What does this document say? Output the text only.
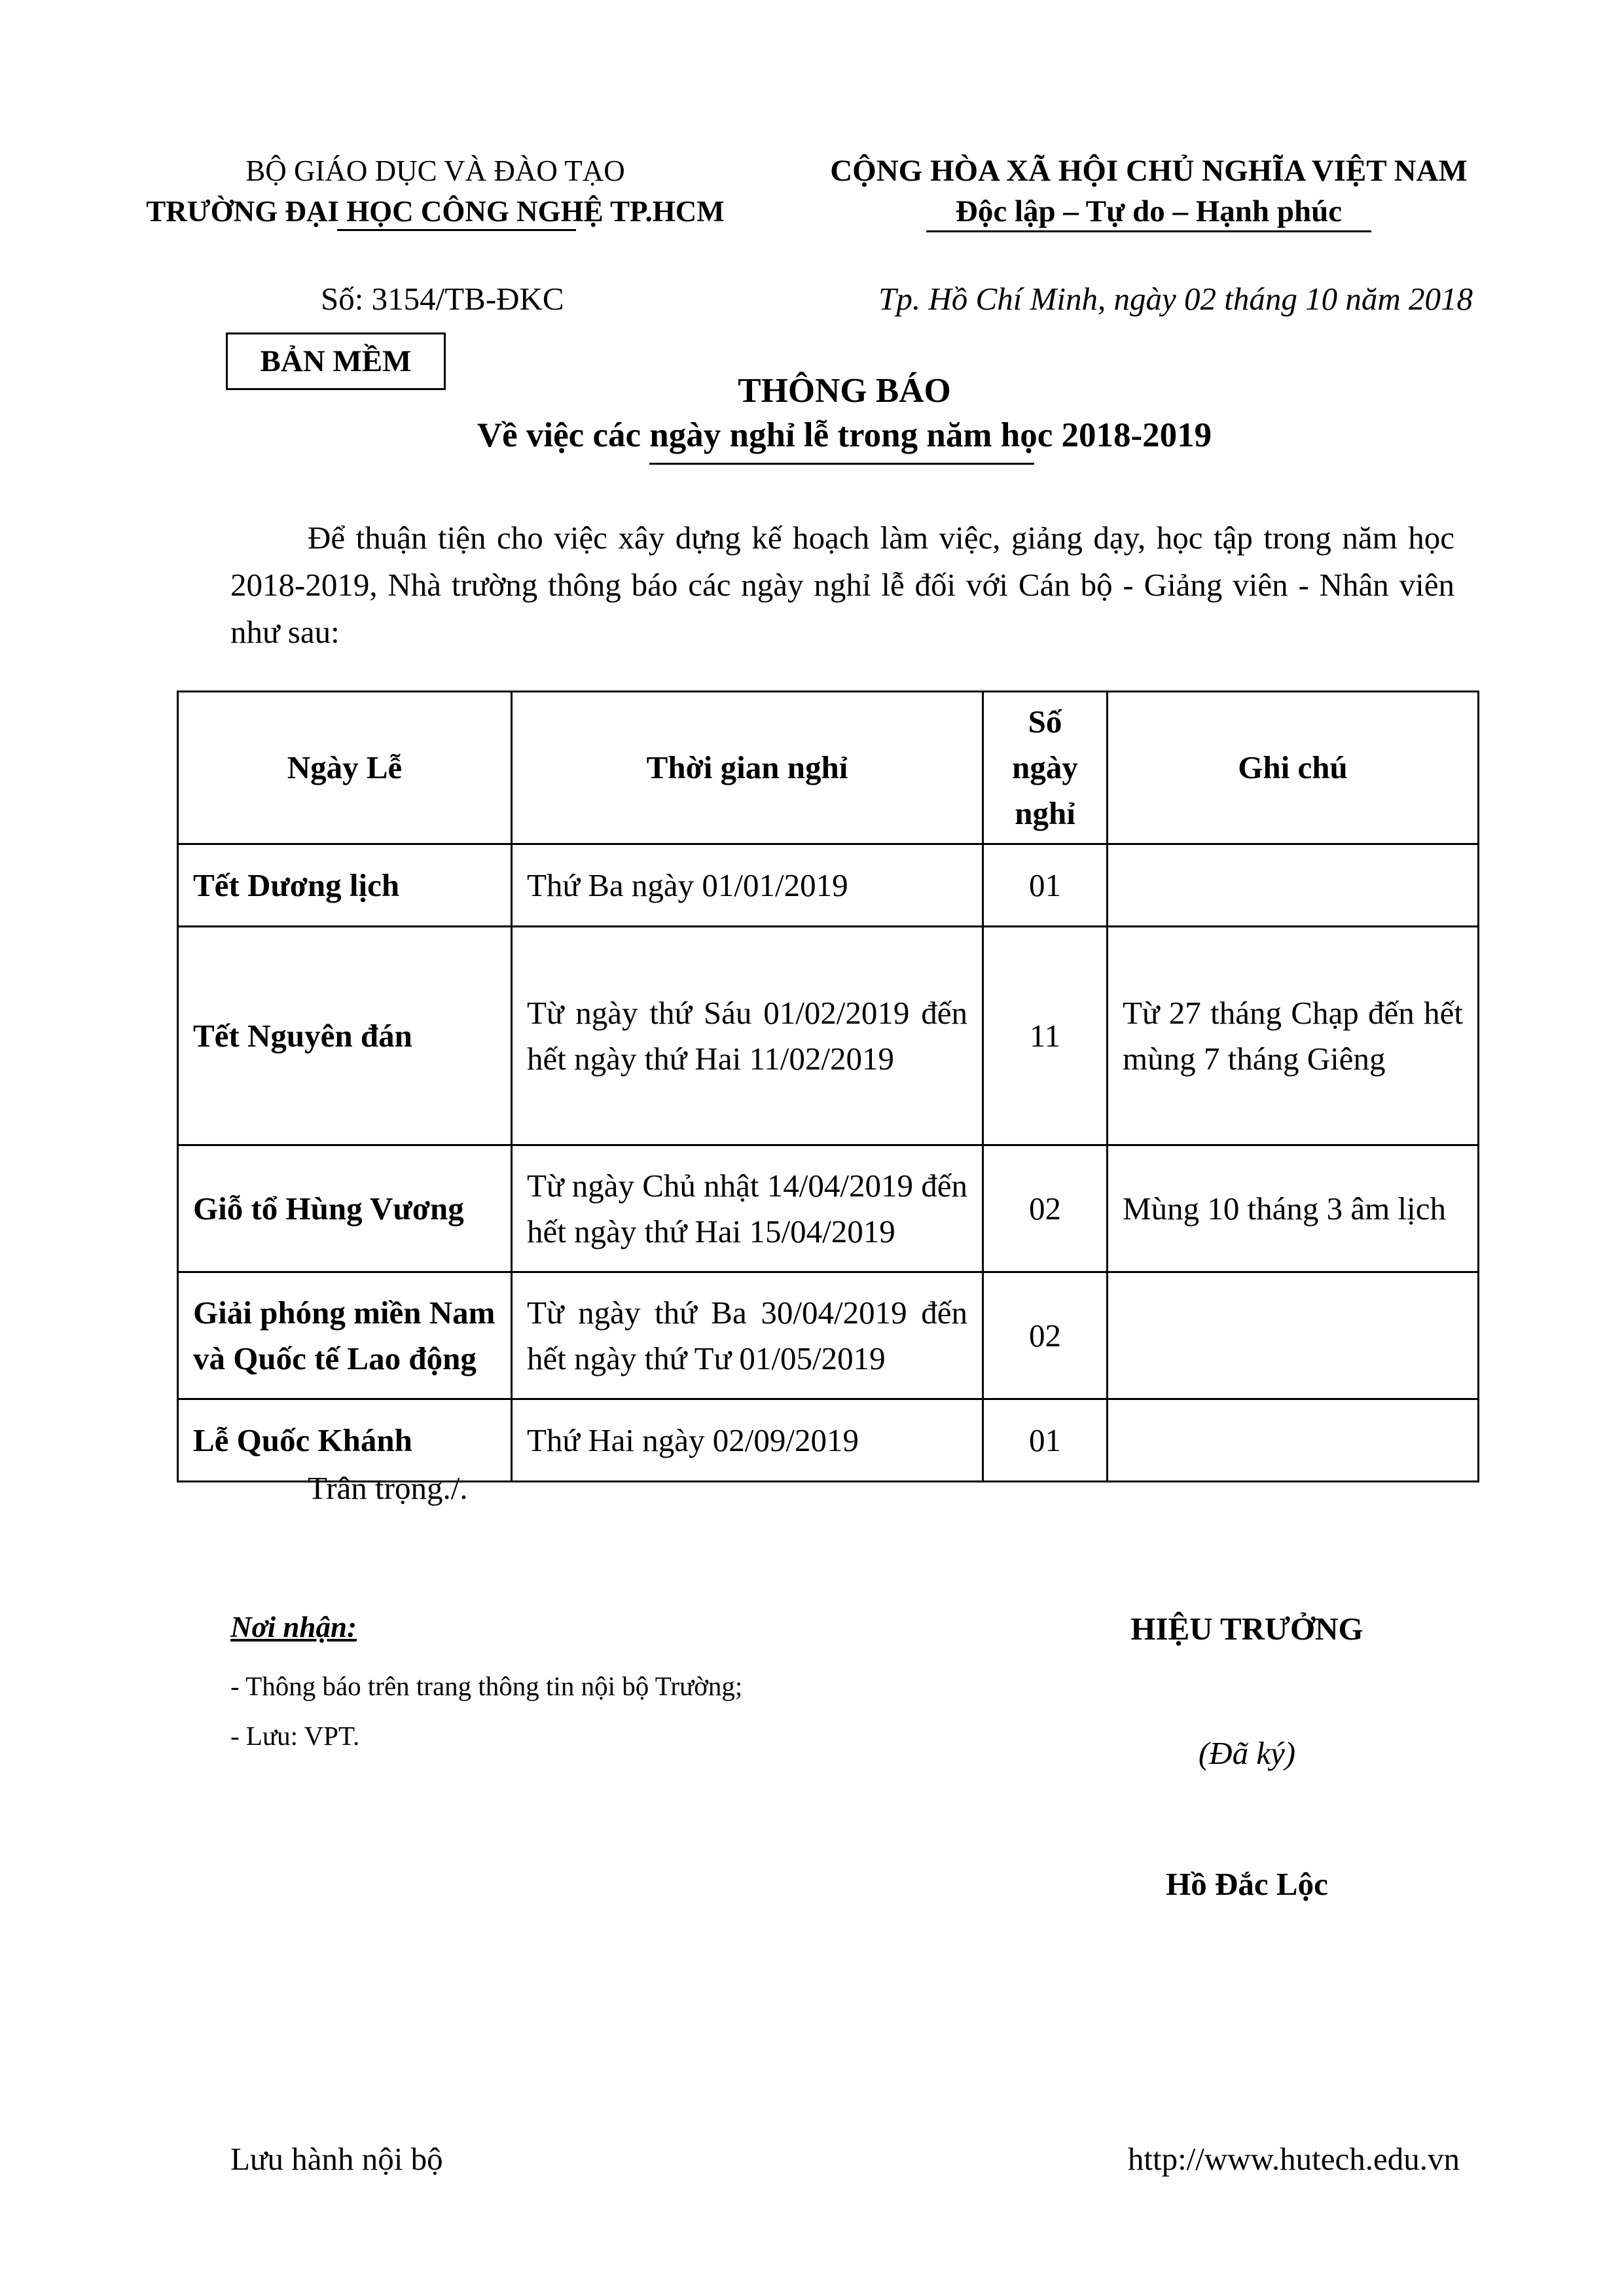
BỘ GIÁO DỤC VÀ ĐÀO TẠO
TRƯỜNG ĐẠI HỌC CÔNG NGHỆ TP.HCM
CỘNG HÒA XÃ HỘI CHỦ NGHĨA VIỆT NAM
Độc lập – Tự do – Hạnh phúc
Số: 3154/TB-ĐKC	Tp. Hồ Chí Minh, ngày 02 tháng 10 năm 2018
BẢN MỀM
THÔNG BÁO
Về việc các ngày nghỉ lễ trong năm học 2018-2019
Để thuận tiện cho việc xây dựng kế hoạch làm việc, giảng dạy, học tập trong năm học 2018-2019, Nhà trường thông báo các ngày nghỉ lễ đối với Cán bộ - Giảng viên - Nhân viên như sau:
Ngày Lễ	Thời gian nghỉ	Số ngày nghỉ	Ghi chú
Tết Dương lịch	Thứ Ba ngày 01/01/2019	01	
Tết Nguyên đán	Từ ngày thứ Sáu 01/02/2019 đến hết ngày thứ Hai 11/02/2019	11	Từ 27 tháng Chạp đến hết mùng 7 tháng Giêng
Giỗ tổ Hùng Vương	Từ ngày Chủ nhật 14/04/2019 đến hết ngày thứ Hai 15/04/2019	02	Mùng 10 tháng 3 âm lịch
Giải phóng miền Nam và Quốc tế Lao động	Từ ngày thứ Ba 30/04/2019 đến hết ngày thứ Tư 01/05/2019	02	
Lễ Quốc Khánh	Thứ Hai ngày 02/09/2019	01	
Trân trọng./.
Nơi nhận:
- Thông báo trên trang thông tin nội bộ Trường;
- Lưu: VPT.
HIỆU TRƯỞNG
(Đã ký)
Hồ Đắc Lộc
Lưu hành nội bộ	http://www.hutech.edu.vn
